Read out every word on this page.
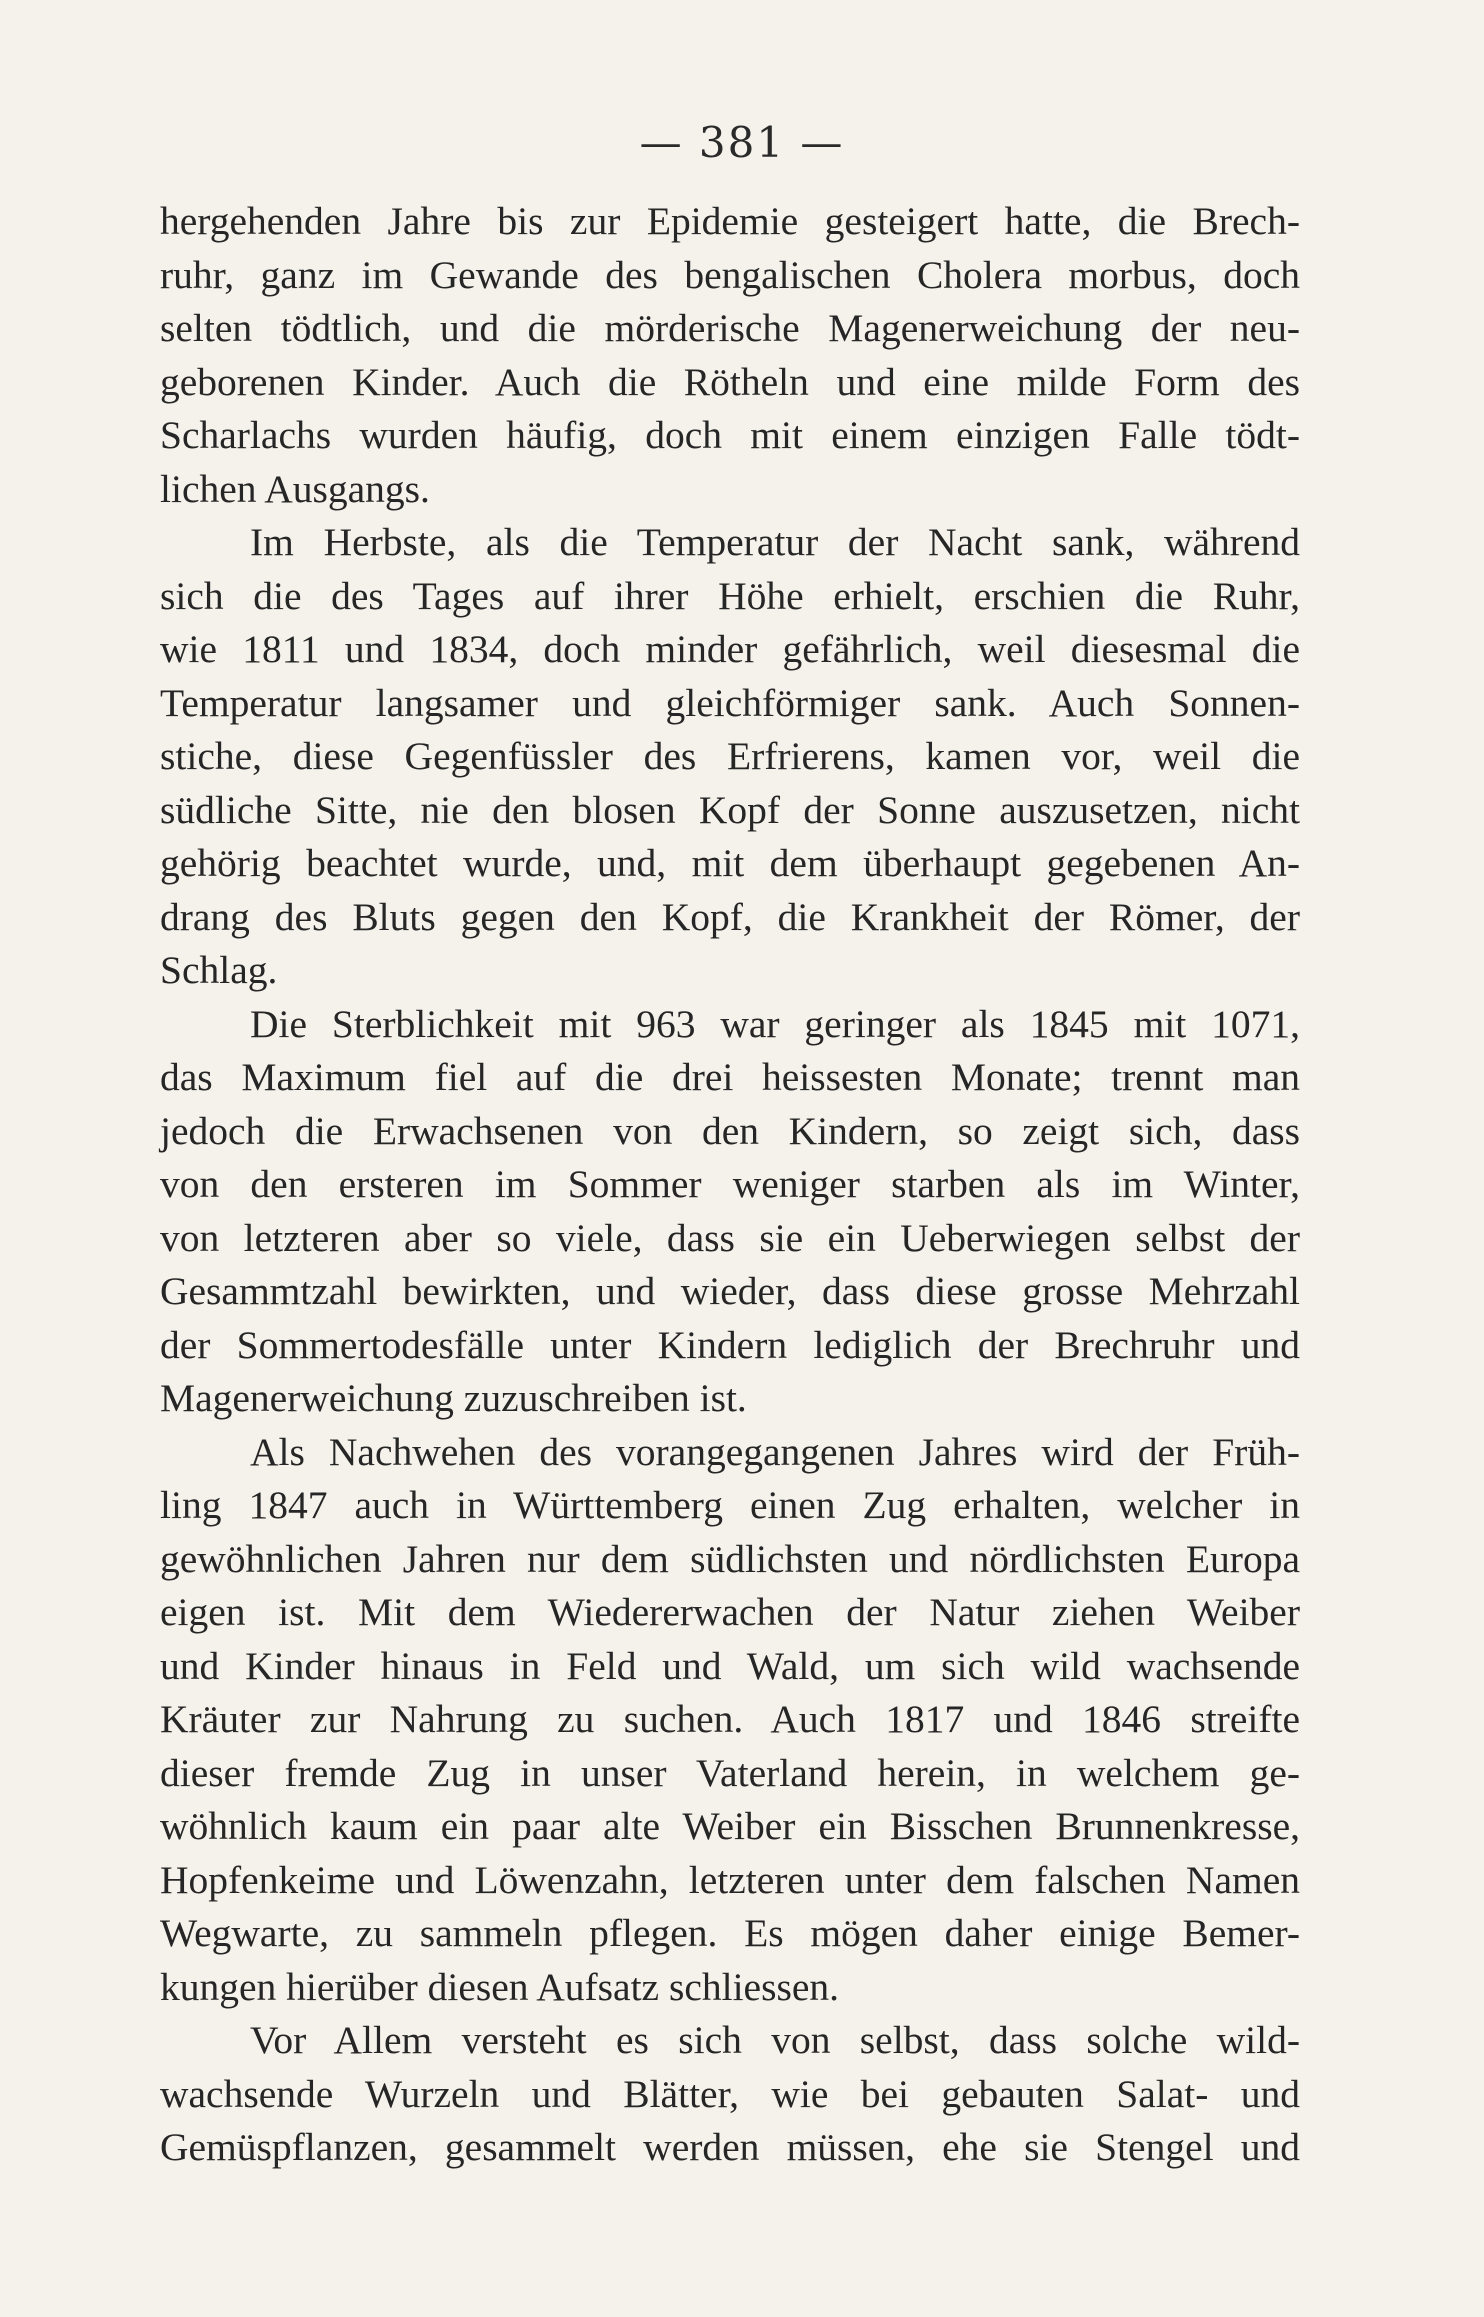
— 381 —
hergehenden Jahre bis zur Epidemie gesteigert hatte, die Brech-
ruhr, ganz im Gewande des bengalischen Cholera morbus, doch
selten tödtlich, und die mörderische Magenerweichung der neu-
geborenen Kinder. Auch die Rötheln und eine milde Form des
Scharlachs wurden häufig, doch mit einem einzigen Falle tödt-
lichen Ausgangs.
Im Herbste, als die Temperatur der Nacht sank, während
sich die des Tages auf ihrer Höhe erhielt, erschien die Ruhr,
wie 1811 und 1834, doch minder gefährlich, weil diesesmal die
Temperatur langsamer und gleichförmiger sank. Auch Sonnen-
stiche, diese Gegenfüssler des Erfrierens, kamen vor, weil die
südliche Sitte, nie den blosen Kopf der Sonne auszusetzen, nicht
gehörig beachtet wurde, und, mit dem überhaupt gegebenen An-
drang des Bluts gegen den Kopf, die Krankheit der Römer, der
Schlag.
Die Sterblichkeit mit 963 war geringer als 1845 mit 1071,
das Maximum fiel auf die drei heissesten Monate; trennt man
jedoch die Erwachsenen von den Kindern, so zeigt sich, dass
von den ersteren im Sommer weniger starben als im Winter,
von letzteren aber so viele, dass sie ein Ueberwiegen selbst der
Gesammtzahl bewirkten, und wieder, dass diese grosse Mehrzahl
der Sommertodesfälle unter Kindern lediglich der Brechruhr und
Magenerweichung zuzuschreiben ist.
Als Nachwehen des vorangegangenen Jahres wird der Früh-
ling 1847 auch in Württemberg einen Zug erhalten, welcher in
gewöhnlichen Jahren nur dem südlichsten und nördlichsten Europa
eigen ist. Mit dem Wiedererwachen der Natur ziehen Weiber
und Kinder hinaus in Feld und Wald, um sich wild wachsende
Kräuter zur Nahrung zu suchen. Auch 1817 und 1846 streifte
dieser fremde Zug in unser Vaterland herein, in welchem ge-
wöhnlich kaum ein paar alte Weiber ein Bisschen Brunnenkresse,
Hopfenkeime und Löwenzahn, letzteren unter dem falschen Namen
Wegwarte, zu sammeln pflegen. Es mögen daher einige Bemer-
kungen hierüber diesen Aufsatz schliessen.
Vor Allem versteht es sich von selbst, dass solche wild-
wachsende Wurzeln und Blätter, wie bei gebauten Salat- und
Gemüspflanzen, gesammelt werden müssen, ehe sie Stengel und
